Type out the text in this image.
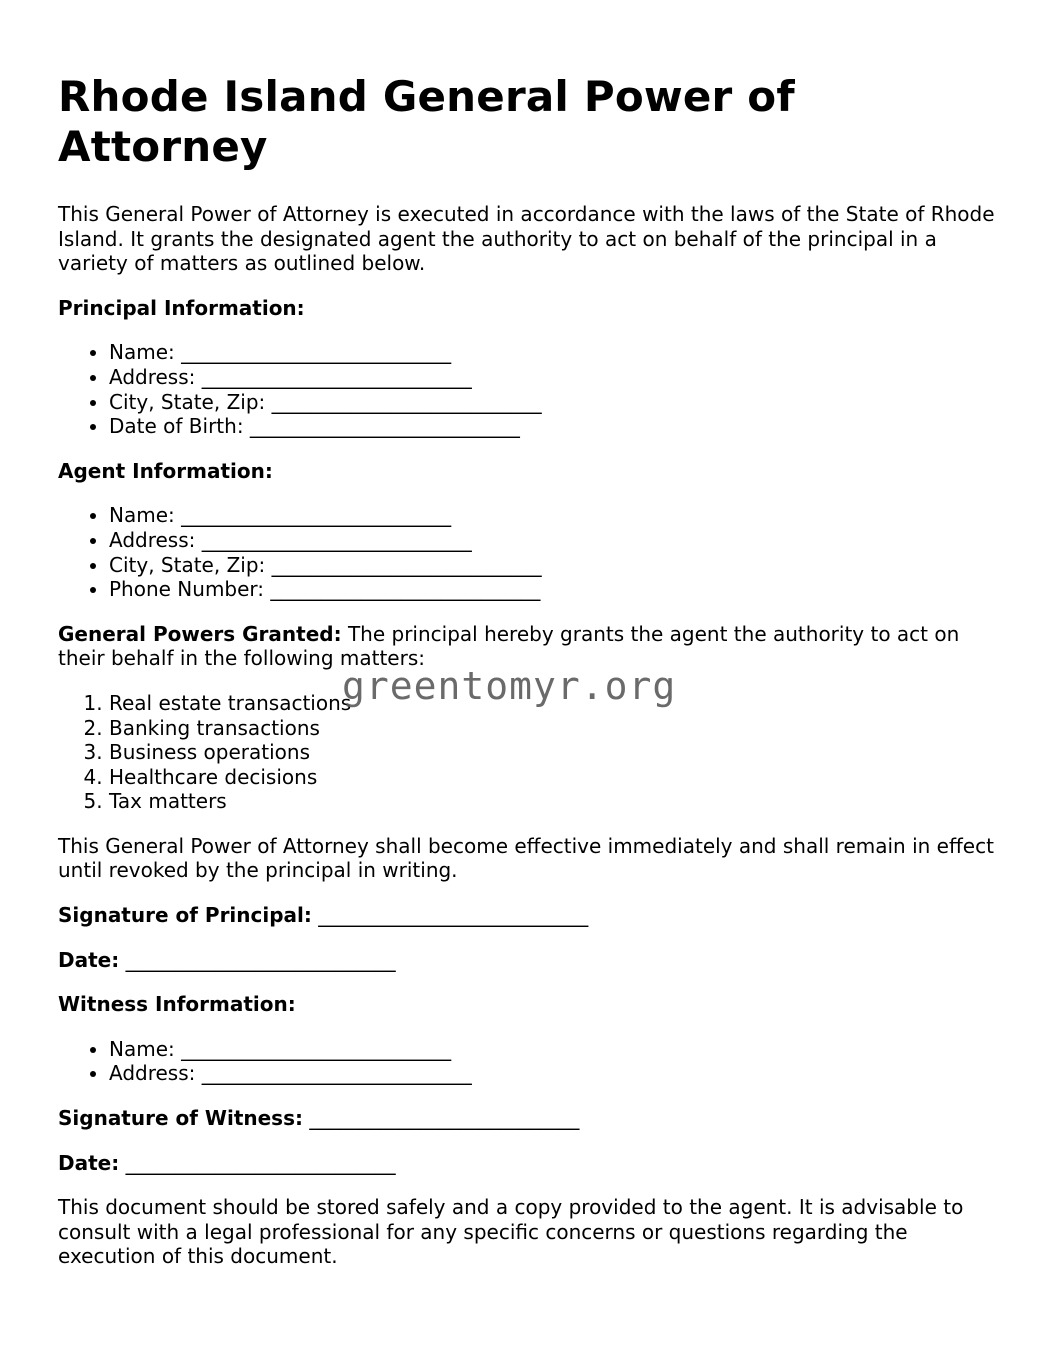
Rhode Island General Power of Attorney

This General Power of Attorney is executed in accordance with the laws of the State of Rhode Island. It grants the designated agent the authority to act on behalf of the principal in a variety of matters as outlined below.

Principal Information:

• Name: ___________________________
• Address: ___________________________
• City, State, Zip: ___________________________
• Date of Birth: ___________________________

Agent Information:

• Name: ___________________________
• Address: ___________________________
• City, State, Zip: ___________________________
• Phone Number: ___________________________

General Powers Granted: The principal hereby grants the agent the authority to act on their behalf in the following matters:

1. Real estate transactions
2. Banking transactions
3. Business operations
4. Healthcare decisions
5. Tax matters

This General Power of Attorney shall become effective immediately and shall remain in effect until revoked by the principal in writing.

Signature of Principal: ___________________________

Date: ___________________________

Witness Information:

• Name: ___________________________
• Address: ___________________________

Signature of Witness: ___________________________

Date: ___________________________

This document should be stored safely and a copy provided to the agent. It is advisable to consult with a legal professional for any specific concerns or questions regarding the execution of this document.

greentomyr.org
